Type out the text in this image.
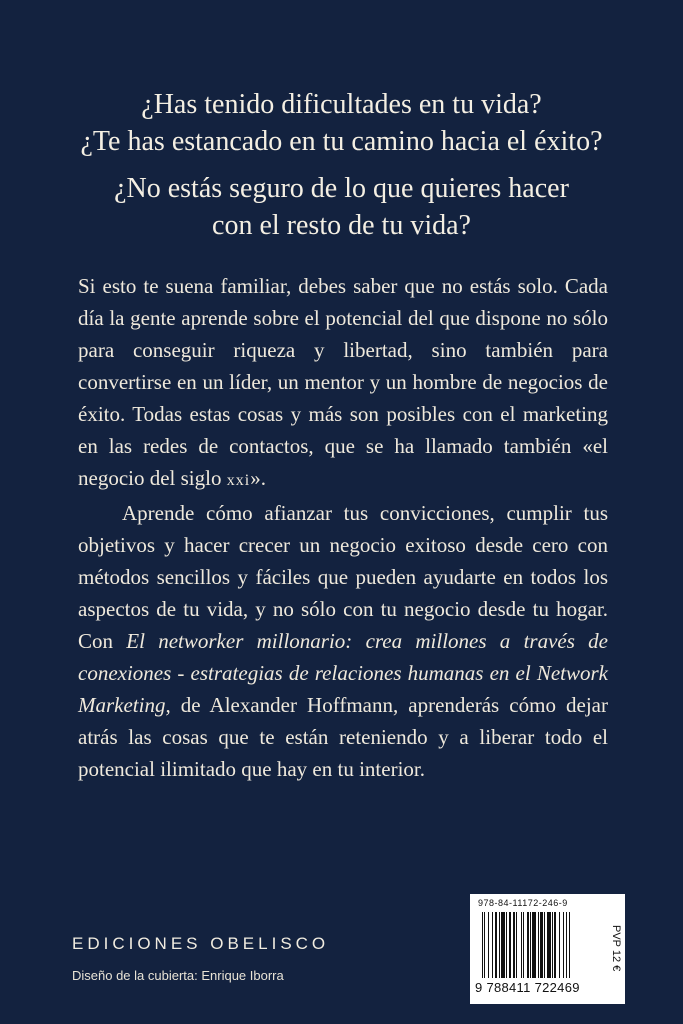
¿Has tenido dificultades en tu vida?
¿Te has estancado en tu camino hacia el éxito?
¿No estás seguro de lo que quieres hacer
con el resto de tu vida?

Si esto te suena familiar, debes saber que no estás solo. Cada día la gente aprende sobre el potencial del que dispone no sólo para conseguir riqueza y libertad, sino también para convertirse en un líder, un mentor y un hombre de negocios de éxito. Todas estas cosas y más son posibles con el marketing en las redes de contactos, que se ha llamado también «el negocio del siglo xxi».

Aprende cómo afianzar tus convicciones, cumplir tus objetivos y hacer crecer un negocio exitoso desde cero con métodos sencillos y fáciles que pueden ayudarte en todos los aspectos de tu vida, y no sólo con tu negocio desde tu hogar. Con El networker millonario: crea millones a través de conexiones - estrategias de relaciones humanas en el Network Marketing, de Alexander Hoffmann, aprenderás cómo dejar atrás las cosas que te están reteniendo y a liberar todo el potencial ilimitado que hay en tu interior.

EDICIONES OBELISCO
Diseño de la cubierta: Enrique Iborra
978-84-11172-246-9
9 788411 722469
PVP 12 €
